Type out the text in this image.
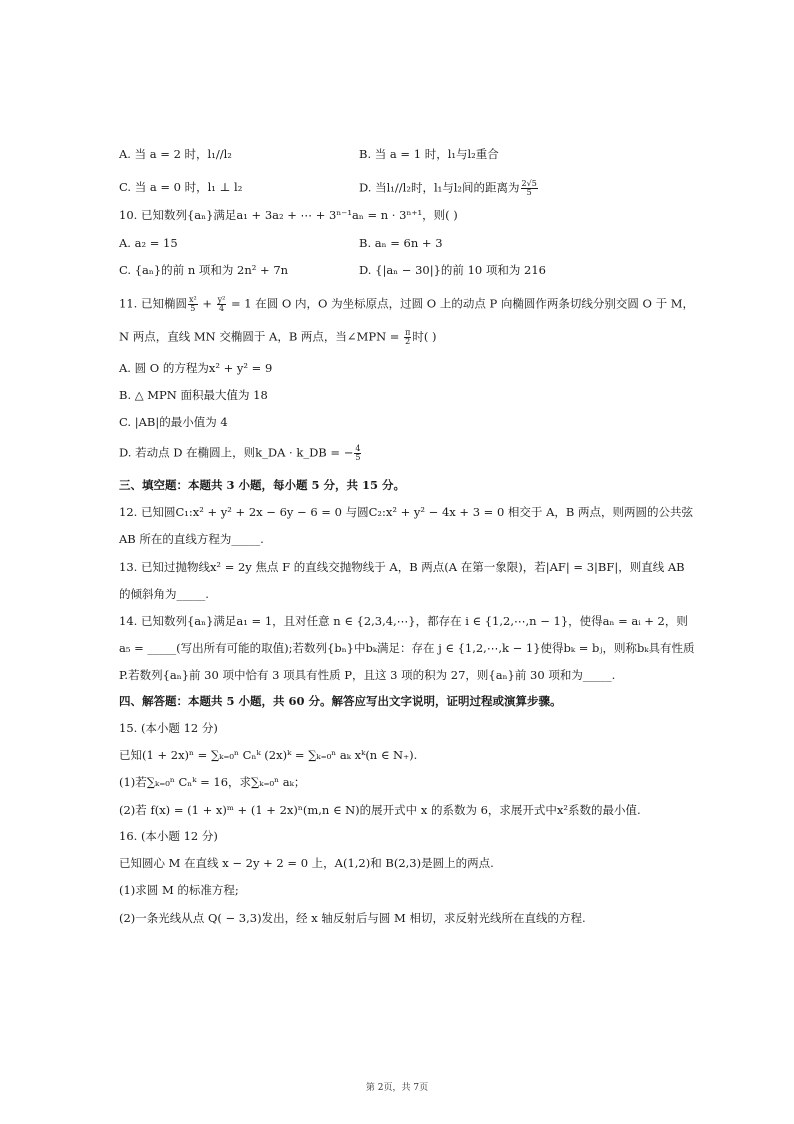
A. 当 a = 2 时，l₁//l₂	B. 当 a = 1 时，l₁与l₂重合
C. 当 a = 0 时，l₁ ⊥ l₂	D. 当l₁//l₂时，l₁与l₂间的距离为 $\frac{2√5}{5}$
10. 已知数列{aₙ}满足a₁ + 3a₂ + ⋯ + 3ⁿ⁻¹aₙ = n · 3ⁿ⁺¹，则( )
A. a₂ = 15	B. aₙ = 6n + 3
C. {aₙ}的前 n 项和为 2n² + 7n	D. {|aₙ − 30|}的前 10 项和为 216
11. 已知椭圆 $\frac{\text{x²}}{5} + \frac{\text{y²}}{4} = 1$ 在圆 O 内，O 为坐标原点，过圆 O 上的动点 P 向椭圆作两条切线分别交圆 O 于 M，
N 两点，直线 MN 交椭圆于 A，B 两点，当∠MPN = $\frac{\pi}{2}$ 时( )
A. 圆 O 的方程为x² + y² = 9
B. △ MPN 面积最大值为 18
C. |AB|的最小值为 4
D. 若动点 D 在椭圆上，则k_DA · k_DB = − $\frac{4}{5}$
三、填空题：本题共 3 小题，每小题 5 分，共 15 分。
12. 已知圆C₁:x² + y² + 2x − 6y − 6 = 0 与圆C₂:x² + y² − 4x + 3 = 0 相交于 A，B 两点，则两圆的公共弦
AB 所在的直线方程为_____.
13. 已知过抛物线x² = 2y 焦点 F 的直线交抛物线于 A，B 两点(A 在第一象限)，若|AF| = 3|BF|，则直线 AB
的倾斜角为_____.
14. 已知数列{aₙ}满足a₁ = 1，且对任意 n ∈ {2,3,4,⋯}，都存在 i ∈ {1,2,⋯,n − 1}，使得aₙ = aᵢ + 2，则
a₅ = _____(写出所有可能的取值);若数列{bₙ}中bₖ满足：存在 j ∈ {1,2,⋯,k − 1}使得bₖ = bⱼ，则称bₖ具有性质
P.若数列{aₙ}前 30 项中恰有 3 项具有性质 P，且这 3 项的积为 27，则{aₙ}前 30 项和为_____.
四、解答题：本题共 5 小题，共 60 分。解答应写出文字说明，证明过程或演算步骤。
15. (本小题 12 分)
已知(1 + 2x)ⁿ = ∑ₖ₌₀ⁿ Cₙᵏ (2x)ᵏ = ∑ₖ₌₀ⁿ aₖ xᵏ(n ∈ N₊).
(1)若∑ₖ₌₀ⁿ Cₙᵏ = 16，求∑ₖ₌₀ⁿ aₖ；
(2)若 f(x) = (1 + x)ᵐ + (1 + 2x)ⁿ(m,n ∈ N)的展开式中 x 的系数为 6，求展开式中x²系数的最小值.
16. (本小题 12 分)
已知圆心 M 在直线 x − 2y + 2 = 0 上，A(1,2)和 B(2,3)是圆上的两点.
(1)求圆 M 的标准方程;
(2)一条光线从点 Q( − 3,3)发出，经 x 轴反射后与圆 M 相切，求反射光线所在直线的方程.
第 2页，共 7页
